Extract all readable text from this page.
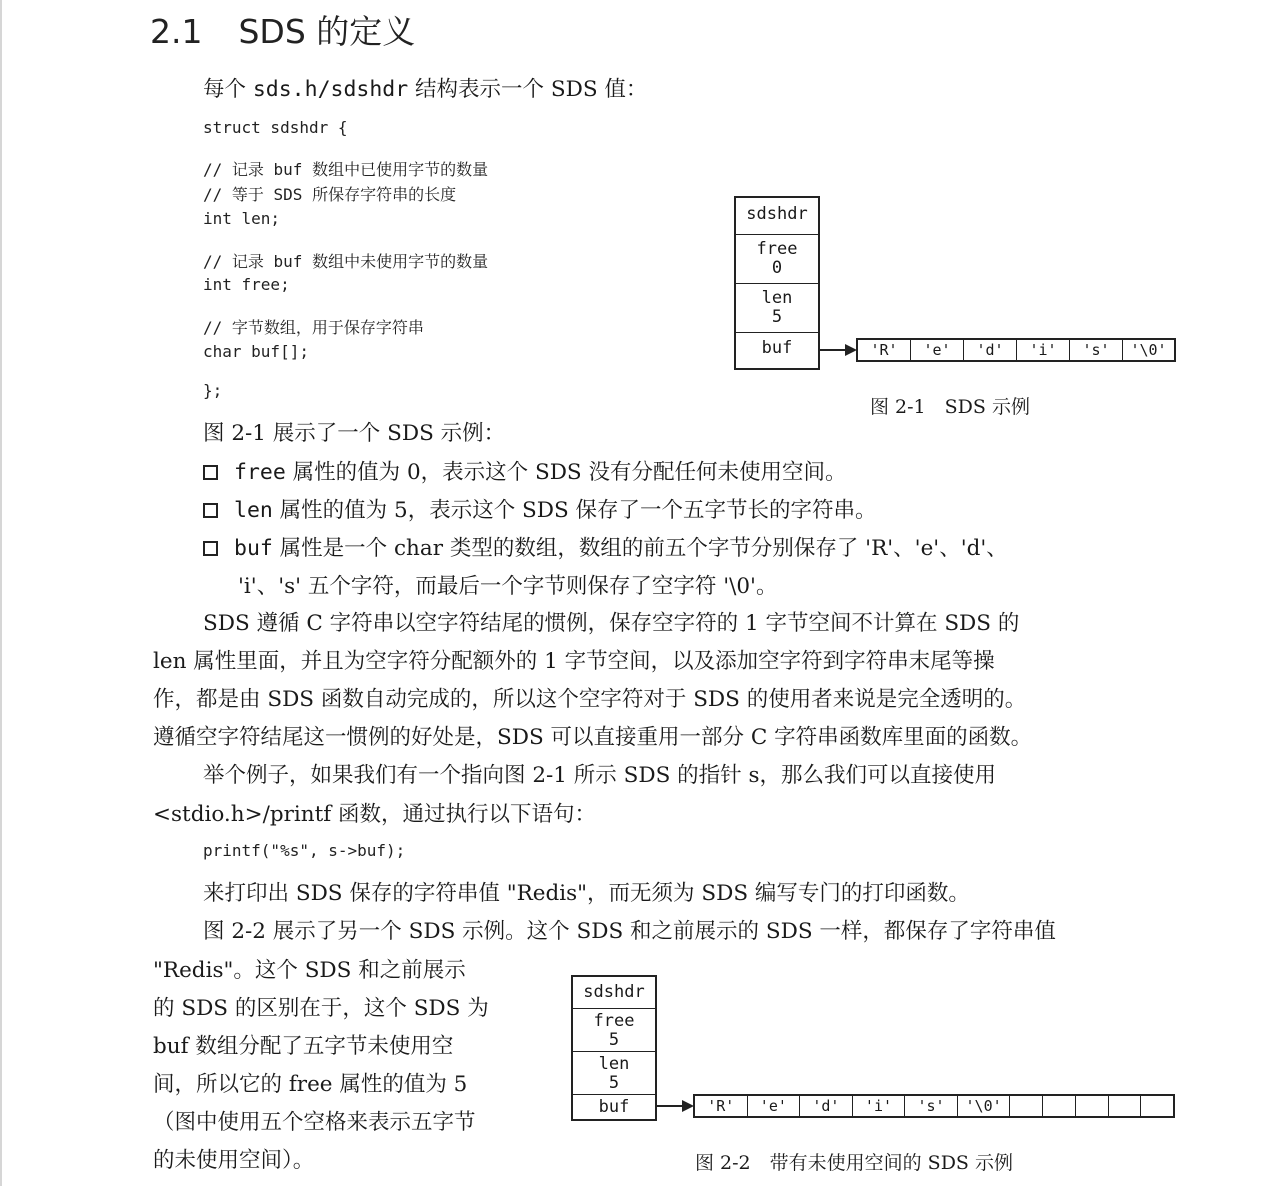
2.1 SDS 的定义
每个 sds.h/sdshdr 结构表示一个 SDS 值：
struct sdshdr {
// 记录 buf 数组中已使用字节的数量
// 等于 SDS 所保存字符串的长度
int len;
// 记录 buf 数组中未使用字节的数量
int free;
// 字节数组，用于保存字符串
char buf[];
};
sdshdr
free
0
len
5
buf	'R'	'e'	'd'	'i'	's'	'\0'
图 2-1　SDS 示例
图 2-1 展示了一个 SDS 示例：
free 属性的值为 0，表示这个 SDS 没有分配任何未使用空间。
len 属性的值为 5，表示这个 SDS 保存了一个五字节长的字符串。
buf 属性是一个 char 类型的数组，数组的前五个字节分别保存了 'R'、'e'、'd'、
'i'、's' 五个字符，而最后一个字节则保存了空字符 '\0'。
SDS 遵循 C 字符串以空字符结尾的惯例，保存空字符的 1 字节空间不计算在 SDS 的
len 属性里面，并且为空字符分配额外的 1 字节空间，以及添加空字符到字符串末尾等操
作，都是由 SDS 函数自动完成的，所以这个空字符对于 SDS 的使用者来说是完全透明的。
遵循空字符结尾这一惯例的好处是，SDS 可以直接重用一部分 C 字符串函数库里面的函数。
举个例子，如果我们有一个指向图 2-1 所示 SDS 的指针 s，那么我们可以直接使用
<stdio.h>/printf 函数，通过执行以下语句：
printf("%s", s->buf);
来打印出 SDS 保存的字符串值 "Redis"，而无须为 SDS 编写专门的打印函数。
图 2-2 展示了另一个 SDS 示例。这个 SDS 和之前展示的 SDS 一样，都保存了字符串值
"Redis"。这个 SDS 和之前展示
的 SDS 的区别在于，这个 SDS 为
buf 数组分配了五字节未使用空
间，所以它的 free 属性的值为 5
（图中使用五个空格来表示五字节
的未使用空间）。
sdshdr
free
5
len
5
buf	'R'	'e'	'd'	'i'	's'	'\0'
图 2-2　带有未使用空间的 SDS 示例
